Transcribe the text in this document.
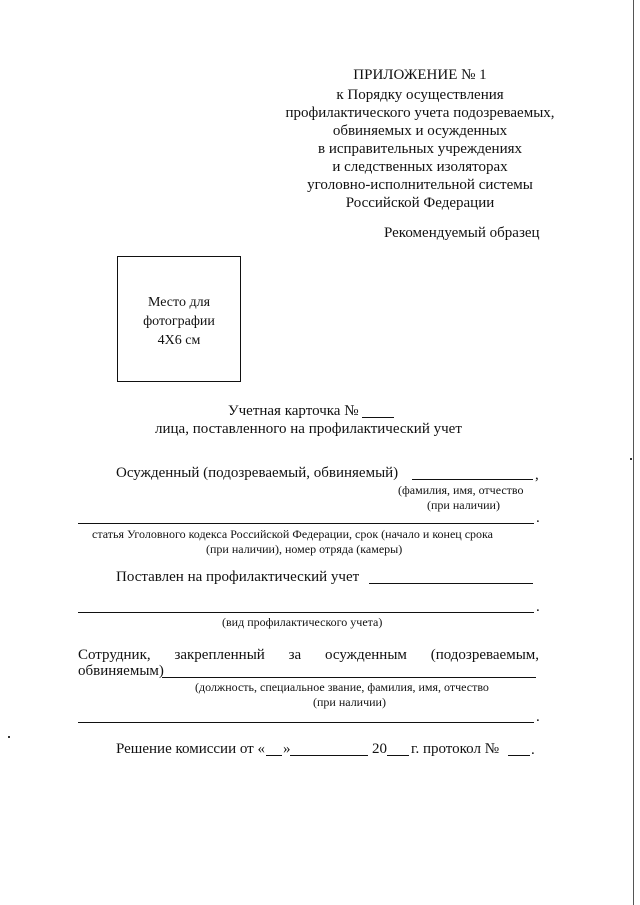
ПРИЛОЖЕНИЕ № 1
к Порядку осуществления
профилактического учета подозреваемых,
обвиняемых и осужденных
в исправительных учреждениях
и следственных изоляторах
уголовно-исполнительной системы
Российской Федерации
Рекомендуемый образец
Место для
фотографии
4Х6 см
Учетная карточка №
лица, поставленного на профилактический учет
Осужденный (подозреваемый, обвиняемый)	,
(фамилия, имя, отчество
(при наличии)
.
статья Уголовного кодекса Российской Федерации, срок (начало и конец срока
(при наличии), номер отряда (камеры)
Поставлен на профилактический учет
.
(вид профилактического учета)
Сотрудник, закрепленный за осужденным (подозреваемым,
обвиняемым)
(должность, специальное звание, фамилия, имя, отчество
(при наличии)
.
Решение комиссии от « »	20 г. протокол № .
